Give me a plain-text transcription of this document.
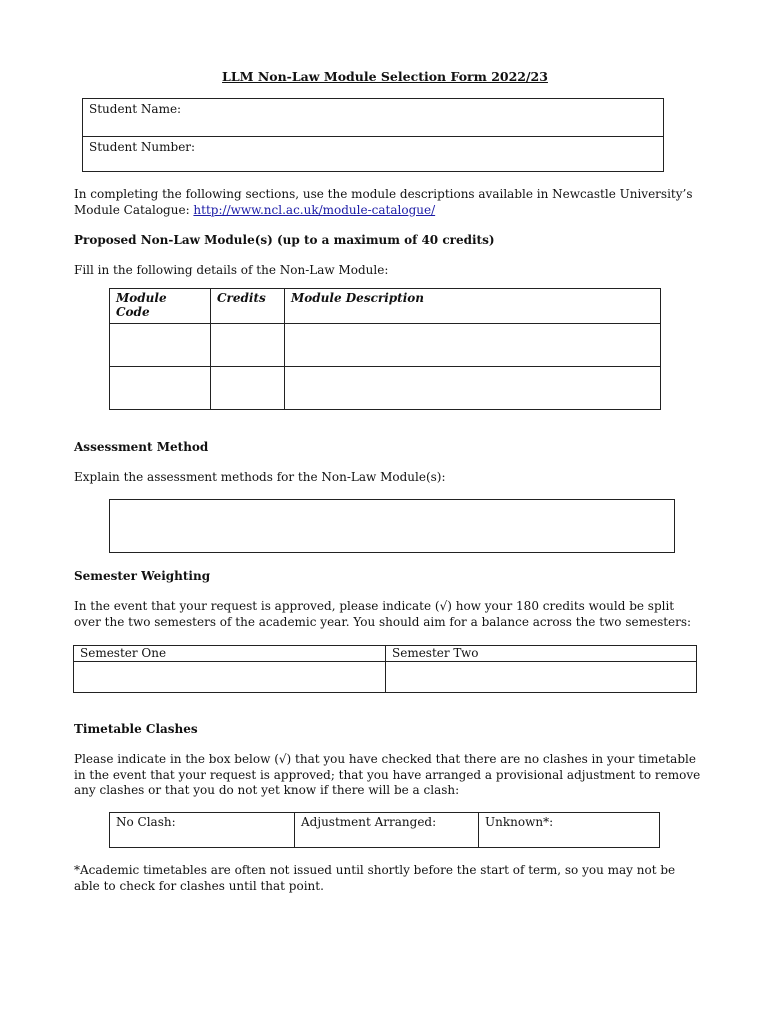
LLM Non-Law Module Selection Form 2022/23
Student Name:
Student Number:
In completing the following sections, use the module descriptions available in Newcastle University’s Module Catalogue: http://www.ncl.ac.uk/module-catalogue/
Proposed Non-Law Module(s) (up to a maximum of 40 credits)
Fill in the following details of the Non-Law Module:
Module Code	Credits	Module Description

Assessment Method
Explain the assessment methods for the Non-Law Module(s):
Semester Weighting
In the event that your request is approved, please indicate (√) how your 180 credits would be split over the two semesters of the academic year. You should aim for a balance across the two semesters:
Semester One	Semester Two

Timetable Clashes
Please indicate in the box below (√) that you have checked that there are no clashes in your timetable in the event that your request is approved; that you have arranged a provisional adjustment to remove any clashes or that you do not yet know if there will be a clash:
No Clash:	Adjustment Arranged:	Unknown*:
*Academic timetables are often not issued until shortly before the start of term, so you may not be able to check for clashes until that point.
